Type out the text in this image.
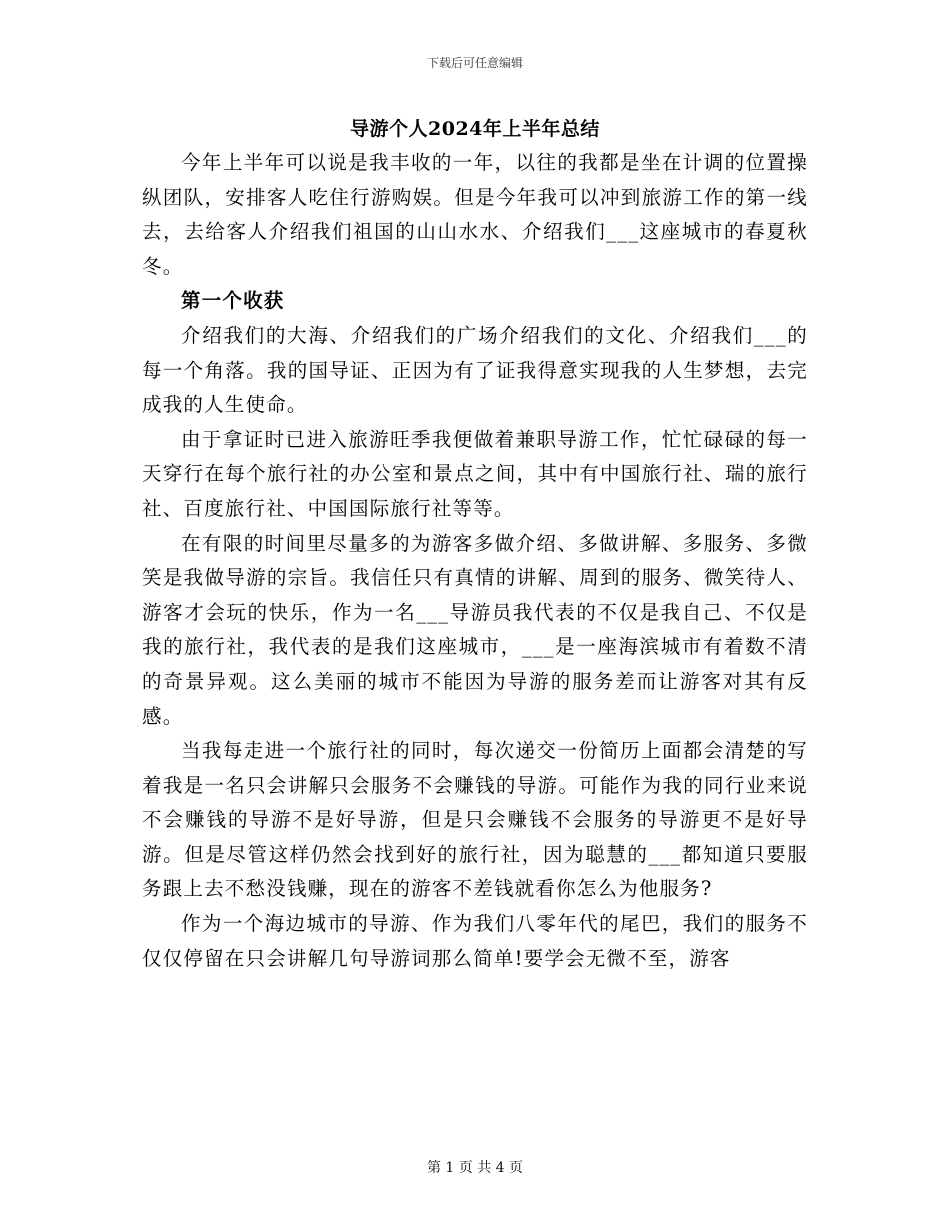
下载后可任意编辑
导游个人2024年上半年总结

今年上半年可以说是我丰收的一年，以往的我都是坐在计调的位置操纵团队，安排客人吃住行游购娱。但是今年我可以冲到旅游工作的第一线去，去给客人介绍我们祖国的山山水水、介绍我们___这座城市的春夏秋冬。

第一个收获

介绍我们的大海、介绍我们的广场介绍我们的文化、介绍我们___的每一个角落。我的国导证、正因为有了证我得意实现我的人生梦想，去完成我的人生使命。

由于拿证时已进入旅游旺季我便做着兼职导游工作，忙忙碌碌的每一天穿行在每个旅行社的办公室和景点之间，其中有中国旅行社、瑞的旅行社、百度旅行社、中国国际旅行社等等。

在有限的时间里尽量多的为游客多做介绍、多做讲解、多服务、多微笑是我做导游的宗旨。我信任只有真情的讲解、周到的服务、微笑待人、游客才会玩的快乐，作为一名___导游员我代表的不仅是我自己、不仅是我的旅行社，我代表的是我们这座城市，___是一座海滨城市有着数不清的奇景异观。这么美丽的城市不能因为导游的服务差而让游客对其有反感。

当我每走进一个旅行社的同时，每次递交一份简历上面都会清楚的写着我是一名只会讲解只会服务不会赚钱的导游。可能作为我的同行业来说不会赚钱的导游不是好导游，但是只会赚钱不会服务的导游更不是好导游。但是尽管这样仍然会找到好的旅行社，因为聪慧的___都知道只要服务跟上去不愁没钱赚，现在的游客不差钱就看你怎么为他服务?

作为一个海边城市的导游、作为我们八零年代的尾巴，我们的服务不仅仅停留在只会讲解几句导游词那么简单!要学会无微不至，游客

第 1 页 共 4 页
